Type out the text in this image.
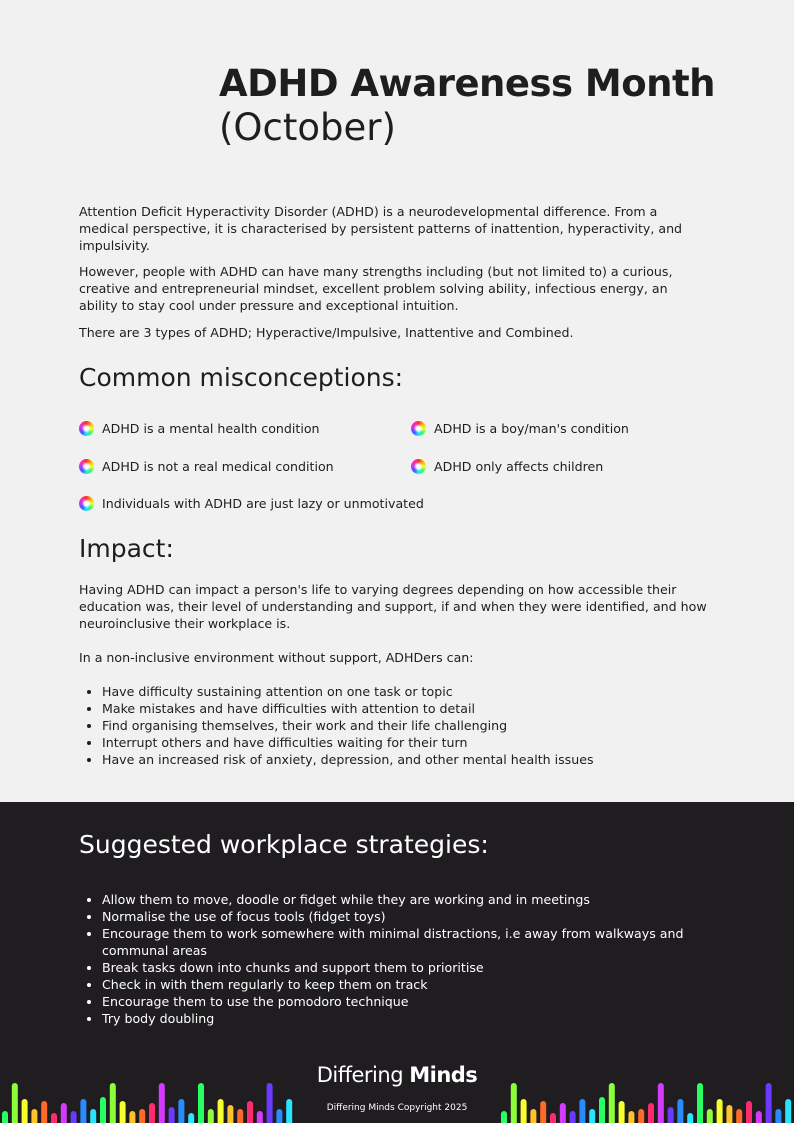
ADHD Awareness Month
(October)

Attention Deficit Hyperactivity Disorder (ADHD) is a neurodevelopmental difference. From a medical perspective, it is characterised by persistent patterns of inattention, hyperactivity, and impulsivity.

However, people with ADHD can have many strengths including (but not limited to) a curious, creative and entrepreneurial mindset, excellent problem solving ability, infectious energy, an ability to stay cool under pressure and exceptional intuition.

There are 3 types of ADHD; Hyperactive/Impulsive, Inattentive and Combined.

Common misconceptions:
ADHD is a mental health condition	ADHD is a boy/man's condition
ADHD is not a real medical condition	ADHD only affects children
Individuals with ADHD are just lazy or unmotivated
Impact:

Having ADHD can impact a person's life to varying degrees depending on how accessible their education was, their level of understanding and support, if and when they were identified, and how neuroinclusive their workplace is.

In a non-inclusive environment without support, ADHDers can:

• Have difficulty sustaining attention on one task or topic
• Make mistakes and have difficulties with attention to detail
• Find organising themselves, their work and their life challenging
• Interrupt others and have difficulties waiting for their turn
• Have an increased risk of anxiety, depression, and other mental health issues
Suggested workplace strategies:
• Allow them to move, doodle or fidget while they are working and in meetings
• Normalise the use of focus tools (fidget toys)
• Encourage them to work somewhere with minimal distractions, i.e away from walkways and communal areas
• Break tasks down into chunks and support them to prioritise
• Check in with them regularly to keep them on track
• Encourage them to use the pomodoro technique
• Try body doubling
Differing Minds
Differing Minds Copyright 2025
